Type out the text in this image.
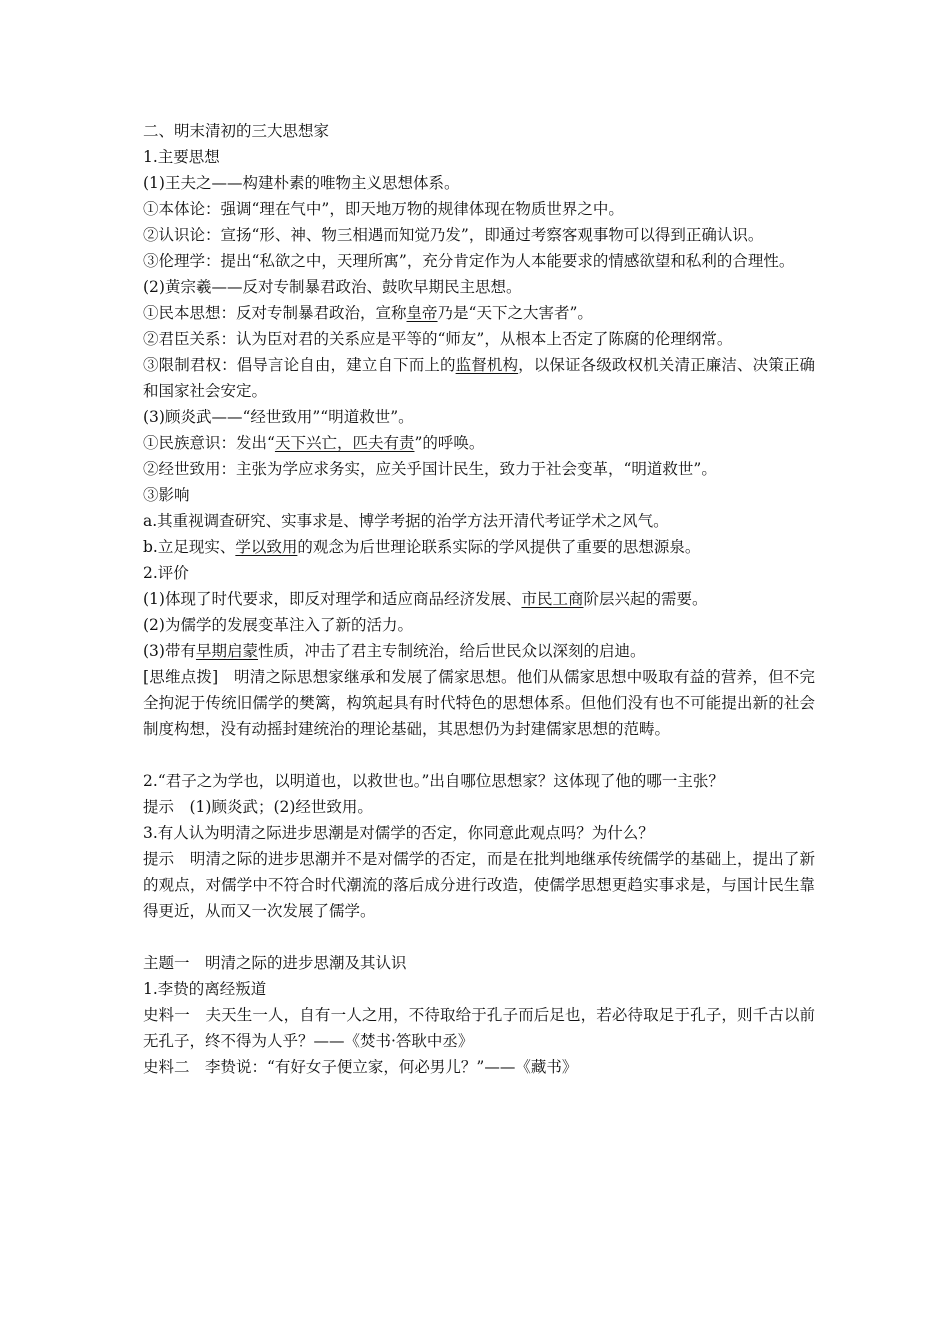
二、明末清初的三大思想家

1.主要思想

(1)王夫之——构建朴素的唯物主义思想体系。

①本体论：强调“理在气中”，即天地万物的规律体现在物质世界之中。

②认识论：宣扬“形、神、物三相遇而知觉乃发”，即通过考察客观事物可以得到正确认识。

③伦理学：提出“私欲之中，天理所寓”，充分肯定作为人本能要求的情感欲望和私利的合理性。

(2)黄宗羲——反对专制暴君政治、鼓吹早期民主思想。

①民本思想：反对专制暴君政治，宣称皇帝乃是“天下之大害者”。

②君臣关系：认为臣对君的关系应是平等的“师友”，从根本上否定了陈腐的伦理纲常。

③限制君权：倡导言论自由，建立自下而上的监督机构，以保证各级政权机关清正廉洁、决策正确和国家社会安定。

(3)顾炎武——“经世致用”“明道救世”。

①民族意识：发出“天下兴亡，匹夫有责”的呼唤。

②经世致用：主张为学应求务实，应关乎国计民生，致力于社会变革，“明道救世”。

③影响

a.其重视调查研究、实事求是、博学考据的治学方法开清代考证学术之风气。

b.立足现实、学以致用的观念为后世理论联系实际的学风提供了重要的思想源泉。

2.评价

(1)体现了时代要求，即反对理学和适应商品经济发展、市民工商阶层兴起的需要。

(2)为儒学的发展变革注入了新的活力。

(3)带有早期启蒙性质，冲击了君主专制统治，给后世民众以深刻的启迪。

[思维点拨]　明清之际思想家继承和发展了儒家思想。他们从儒家思想中吸取有益的营养，但不完全拘泥于传统旧儒学的樊篱，构筑起具有时代特色的思想体系。但他们没有也不可能提出新的社会制度构想，没有动摇封建统治的理论基础，其思想仍为封建儒家思想的范畴。

2.“君子之为学也，以明道也，以救世也。”出自哪位思想家？这体现了他的哪一主张？

提示　(1)顾炎武；(2)经世致用。

3.有人认为明清之际进步思潮是对儒学的否定，你同意此观点吗？为什么？

提示　明清之际的进步思潮并不是对儒学的否定，而是在批判地继承传统儒学的基础上，提出了新的观点，对儒学中不符合时代潮流的落后成分进行改造，使儒学思想更趋实事求是，与国计民生靠得更近，从而又一次发展了儒学。

主题一　明清之际的进步思潮及其认识

1.李贽的离经叛道

史料一　夫天生一人，自有一人之用，不待取给于孔子而后足也，若必待取足于孔子，则千古以前无孔子，终不得为人乎？——《焚书·答耿中丞》

史料二　李贽说：“有好女子便立家，何必男儿？”——《藏书》
